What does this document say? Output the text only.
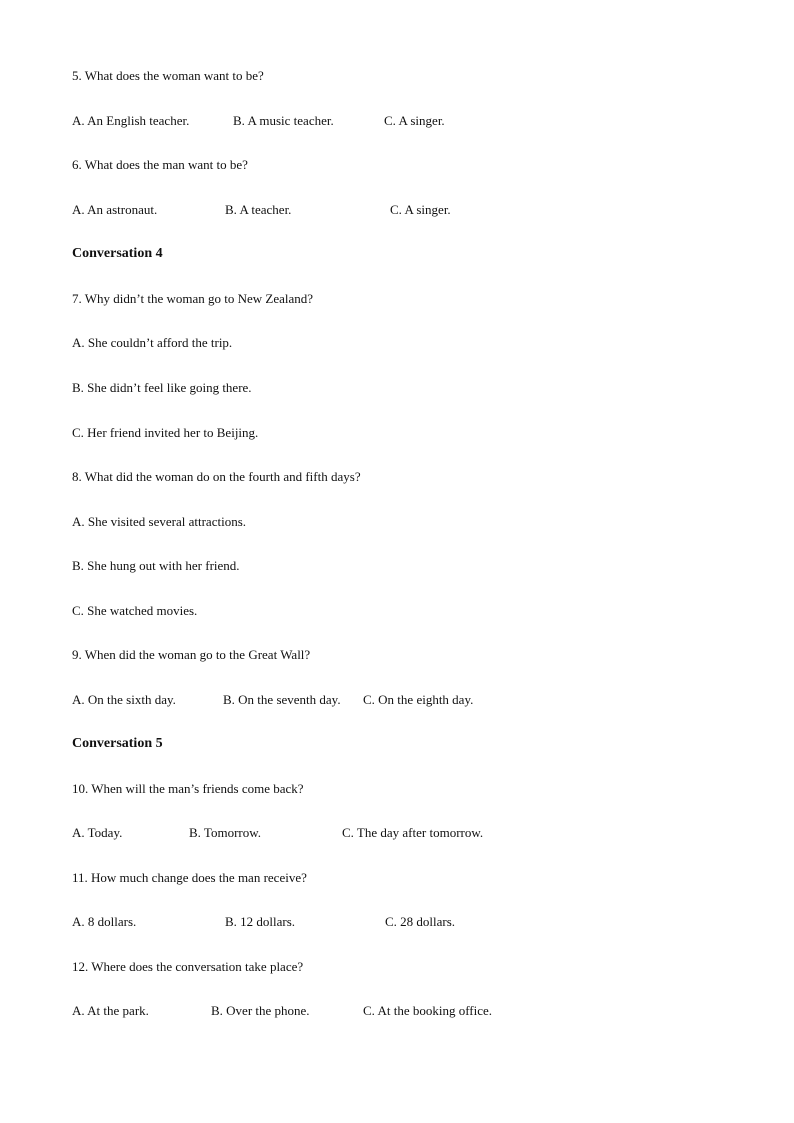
5. What does the woman want to be?
A. An English teacher.	B. A music teacher.	C. A singer.
6. What does the man want to be?
A. An astronaut.	B. A teacher.	C. A singer.
Conversation 4
7. Why didn’t the woman go to New Zealand?
A. She couldn’t afford the trip.
B. She didn’t feel like going there.
C. Her friend invited her to Beijing.
8. What did the woman do on the fourth and fifth days?
A. She visited several attractions.
B. She hung out with her friend.
C. She watched movies.
9. When did the woman go to the Great Wall?
A. On the sixth day.	B. On the seventh day. C. On the eighth day.
Conversation 5
10. When will the man’s friends come back?
A. Today.	B. Tomorrow.	C. The day after tomorrow.
11. How much change does the man receive?
A. 8 dollars.	B. 12 dollars.	C. 28 dollars.
12. Where does the conversation take place?
A. At the park.	B. Over the phone.	C. At the booking office.
